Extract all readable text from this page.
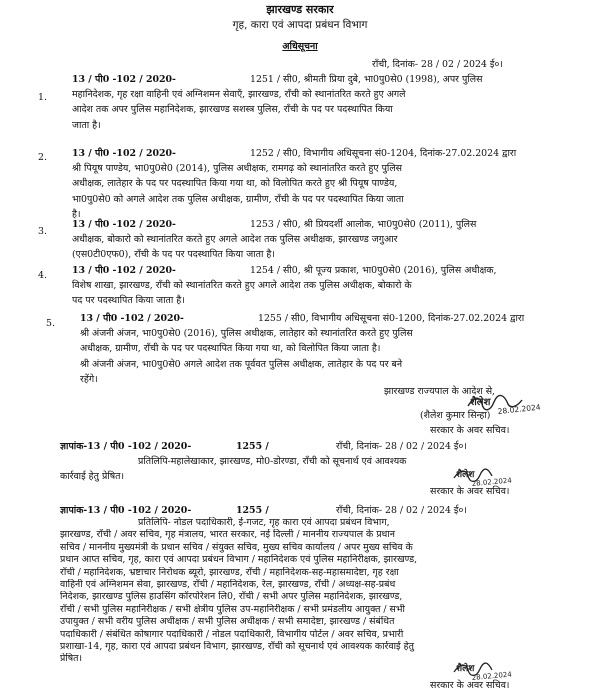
झारखण्ड सरकार
गृह, कारा एवं आपदा प्रबंधन विभाग
अधिसूचना
राँची, दिनांक- 28 / 02 / 2024 ई०।
1.
13 / पी0 -102 / 2020-	1251 / सी0, श्रीमती प्रिया दुबे, भा0पु0से0 (1998), अपर पुलिस
महानिदेशक, गृह रक्षा वाहिनी एवं अग्निशमन सेवाएँ, झारखण्ड, राँची को स्थानांतरित करते हुए अगले
आदेश तक अपर पुलिस महानिदेशक, झारखण्ड सशस्त्र पुलिस, राँची के पद पर पदस्थापित किया
जाता है।
2.	13 / पी0 -102 / 2020-	1252 / सी0, विभागीय अधिसूचना सं0-1204, दिनांक-27.02.2024 द्वारा
श्री पियूष पाण्डेय, भा0पु0से0 (2014), पुलिस अधीक्षक, रामगढ़ को स्थानांतरित करते हुए पुलिस
अधीक्षक, लातेहार के पद पर पदस्थापित किया गया था, को विलोपित करते हुए श्री पियूष पाण्डेय,
भा0पु0से0 को अगले आदेश तक पुलिस अधीक्षक, ग्रामीण, राँची के पद पर पदस्थापित किया जाता
है।
3.
13 / पी0 -102 / 2020-	1253 / सी0, श्री प्रियदर्शी आलोक, भा0पु0से0 (2011), पुलिस
अधीक्षक, बोकारो को स्थानांतरित करते हुए अगले आदेश तक पुलिस अधीक्षक, झारखण्ड जगुआर
(एस0टी0एफ0), राँची के पद पर पदस्थापित किया जाता है।
4.	13 / पी0 -102 / 2020-	1254 / सी0, श्री पूज्य प्रकाश, भा0पु0से0 (2016), पुलिस अधीक्षक,
विशेष शाखा, झारखण्ड, राँची को स्थानांतरित करते हुए अगले आदेश तक पुलिस अधीक्षक, बोकारो के
पद पर पदस्थापित किया जाता है।
5.	13 / पी0 -102 / 2020-	1255 / सी0, विभागीय अधिसूचना सं0-1200, दिनांक-27.02.2024 द्वारा
श्री अंजनी अंजन, भा0पु0से0 (2016), पुलिस अधीक्षक, लातेहार को स्थानांतरित करते हुए पुलिस
अधीक्षक, ग्रामीण, राँची के पद पर पदस्थापित किया गया था, को विलोपित किया जाता है।
श्री अंजनी अंजन, भा0पु0से0 अगले आदेश तक पूर्ववत पुलिस अधीक्षक, लातेहार के पद पर बने
रहेंगे।
झारखण्ड राज्यपाल के आदेश से,
शैलेश
28.02.2024
(शैलेश कुमार सिन्हा)
सरकार के अवर सचिव।
ज्ञापांक-13 / पी0 -102 / 2020-	1255 /	राँची, दिनांक- 28 / 02 / 2024 ई०।
प्रतिलिपि-महालेखाकार, झारखण्ड, मो0-डोरण्डा, राँची को सूचनार्थ एवं आवश्यक
कार्रवाई हेतु प्रेषित।	शैलेश
28.02.2024
सरकार के अवर सचिव।
ज्ञापांक-13 / पी0 -102 / 2020-	1255 /	राँची, दिनांक- 28 / 02 / 2024 ई०।
प्रतिलिपि- नोडल पदाधिकारी, ई-गजट, गृह कारा एवं आपदा प्रबंधन विभाग,
झारखण्ड, राँची / अवर सचिव, गृह मंत्रालय, भारत सरकार, नई दिल्ली / माननीय राज्यपाल के प्रधान
सचिव / माननीय मुख्यमंत्री के प्रधान सचिव / संयुक्त सचिव, मुख्य सचिव कार्यालय / अपर मुख्य सचिव के
प्रधान आप्त सचिव, गृह, कारा एवं आपदा प्रबंधन विभाग / महानिदेशक एवं पुलिस महानिरीक्षक, झारखण्ड,
राँची / महानिदेशक, भ्रष्टाचार निरोधक ब्यूरो, झारखण्ड, राँची / महानिदेशक-सह-महासमादेष्टा, गृह रक्षा
वाहिनी एवं अग्निशमन सेवा, झारखण्ड, राँची / महानिदेशक, रेल, झारखण्ड, राँची / अध्यक्ष-सह-प्रबंध
निदेशक, झारखण्ड पुलिस हाउसिंग कॉरपोरेशन लि0, राँची / सभी अपर पुलिस महानिदेशक, झारखण्ड,
राँची / सभी पुलिस महानिरीक्षक / सभी क्षेत्रीय पुलिस उप-महानिरीक्षक / सभी प्रमंडलीय आयुक्त / सभी
उपायुक्त / सभी वरीय पुलिस अधीक्षक / सभी पुलिस अधीक्षक / सभी समादेष्टा, झारखण्ड / संबंधित
पदाधिकारी / संबंधित कोषागार पदाधिकारी / नोडल पदाधिकारी, विभागीय पोर्टल / अवर सचिव, प्रभारी
प्रशाखा-14, गृह, कारा एवं आपदा प्रबंधन विभाग, झारखण्ड, राँची को सूचनार्थ एवं आवश्यक कार्रवाई हेतु
प्रेषित।
शैलेश
28.02.2024
सरकार के अवर सचिव।
